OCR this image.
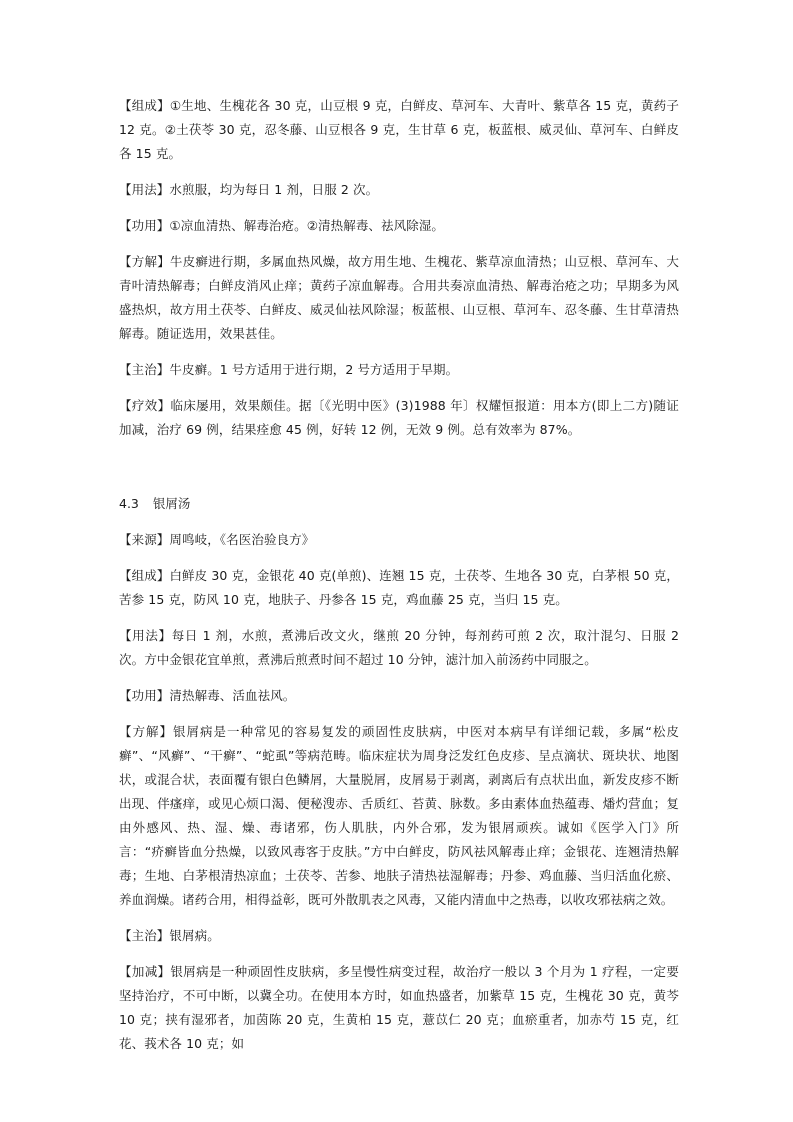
【组成】①生地、生槐花各 30 克，山豆根 9 克，白鲜皮、草河车、大青叶、紫草各 15 克，黄药子 12 克。②土茯苓 30 克，忍冬藤、山豆根各 9 克，生甘草 6 克，板蓝根、威灵仙、草河车、白鲜皮各 15 克。

【用法】水煎服，均为每日 1 剂，日服 2 次。

【功用】①凉血清热、解毒治疮。②清热解毒、祛风除湿。

【方解】牛皮癣进行期，多属血热风燥，故方用生地、生槐花、紫草凉血清热；山豆根、草河车、大青叶清热解毒；白鲜皮消风止痒；黄药子凉血解毒。合用共奏凉血清热、解毒治疮之功；早期多为风盛热炽，故方用土茯苓、白鲜皮、威灵仙祛风除湿；板蓝根、山豆根、草河车、忍冬藤、生甘草清热解毒。随证选用，效果甚佳。

【主治】牛皮癣。1 号方适用于进行期，2 号方适用于早期。

【疗效】临床屡用，效果颇佳。据〔《光明中医》(3)1988 年〕权耀恒报道：用本方(即上二方)随证加减，治疗 69 例，结果痊愈 45 例，好转 12 例，无效 9 例。总有效率为 87%。

4.3 银屑汤

【来源】周鸣岐，《名医治验良方》

【组成】白鲜皮 30 克，金银花 40 克(单煎)、连翘 15 克，土茯苓、生地各 30 克，白茅根 50 克，苦参 15 克，防风 10 克，地肤子、丹参各 15 克，鸡血藤 25 克，当归 15 克。

【用法】每日 1 剂，水煎，煮沸后改文火，继煎 20 分钟，每剂药可煎 2 次，取汁混匀、日服 2 次。方中金银花宜单煎，煮沸后煎煮时间不超过 10 分钟，滤汁加入前汤药中同服之。

【功用】清热解毒、活血祛风。

【方解】银屑病是一种常见的容易复发的顽固性皮肤病，中医对本病早有详细记载，多属“松皮癣”、“风癣”、“干癣”、“蛇虱”等病范畴。临床症状为周身泛发红色皮疹、呈点滴状、斑块状、地图状，或混合状，表面覆有银白色鳞屑，大量脱屑，皮屑易于剥离，剥离后有点状出血，新发皮疹不断出现、伴瘙痒，或见心烦口渴、便秘溲赤、舌质红、苔黄、脉数。多由素体血热蕴毒、燔灼营血；复由外感风、热、湿、燥、毒诸邪，伤人肌肤，内外合邪，发为银屑顽疾。诚如《医学入门》所言：“疥癣皆血分热燥，以致风毒客于皮肤。”方中白鲜皮，防风祛风解毒止痒；金银花、连翘清热解毒；生地、白茅根清热凉血；土茯苓、苦参、地肤子清热祛湿解毒；丹参、鸡血藤、当归活血化瘀、养血润燥。诸药合用，相得益彰，既可外散肌表之风毒，又能内清血中之热毒，以收攻邪祛病之效。

【主治】银屑病。

【加减】银屑病是一种顽固性皮肤病，多呈慢性病变过程，故治疗一般以 3 个月为 1 疗程，一定要坚持治疗，不可中断，以冀全功。在使用本方时，如血热盛者，加紫草 15 克，生槐花 30 克，黄芩 10 克；挟有湿邪者，加茵陈 20 克，生黄柏 15 克，薏苡仁 20 克；血瘀重者，加赤芍 15 克，红花、莪术各 10 克；如
